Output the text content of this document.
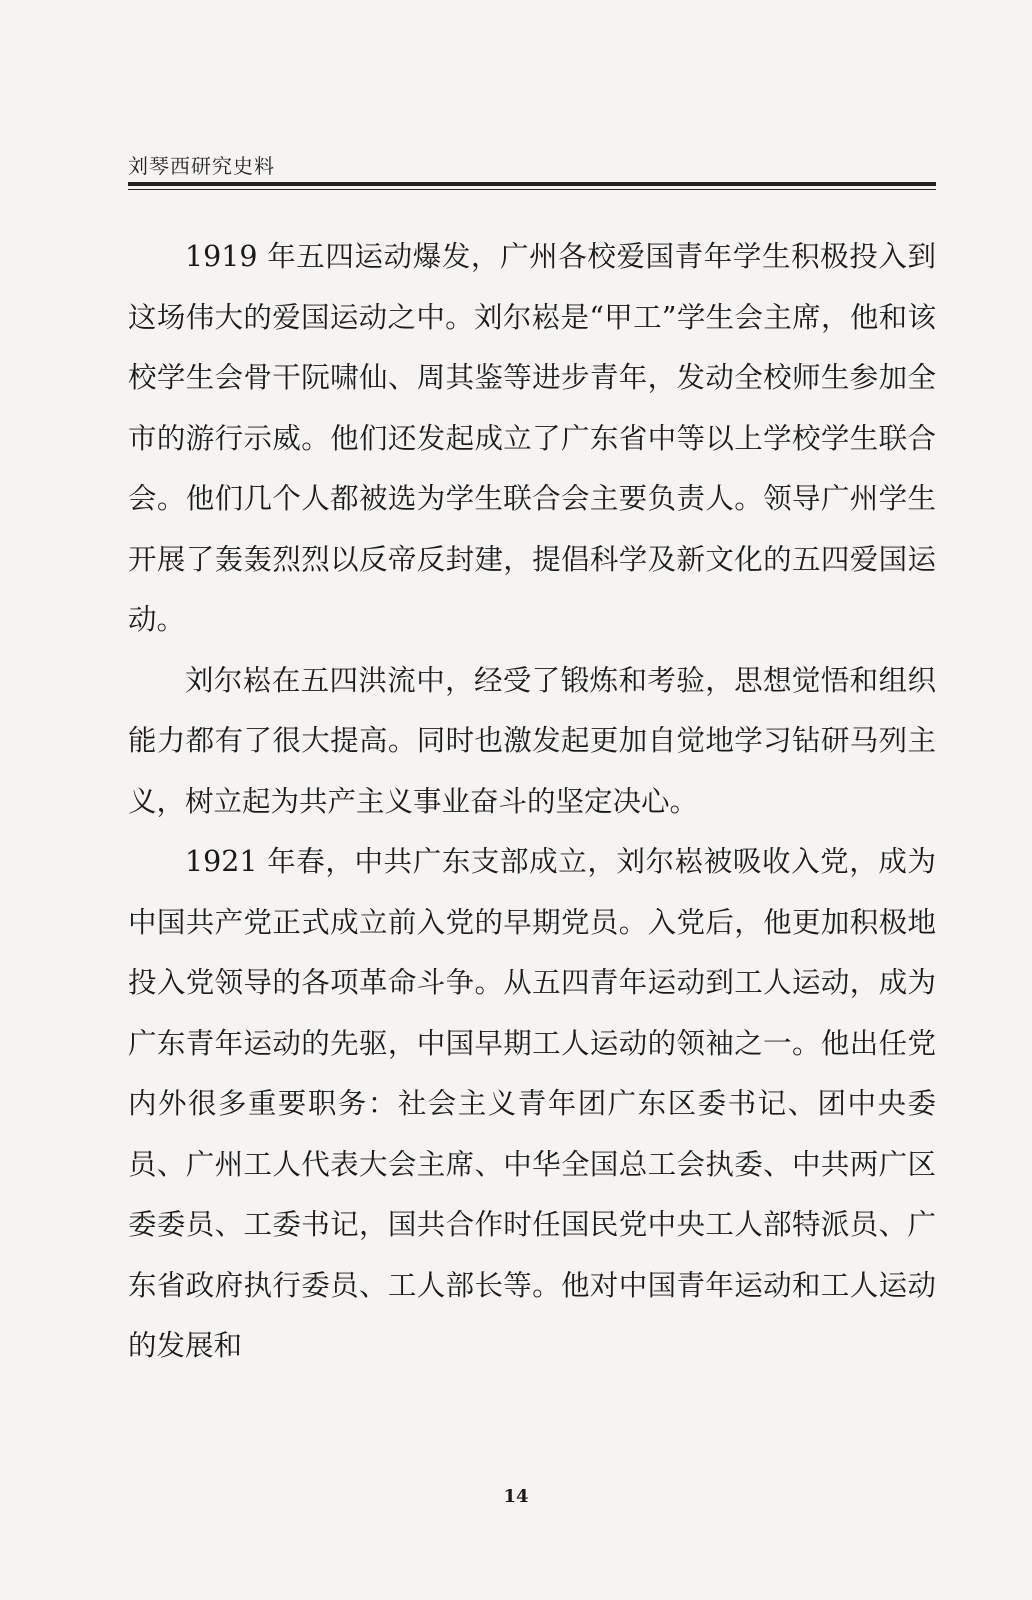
刘琴西研究史料

1919 年五四运动爆发，广州各校爱国青年学生积极投入到这场伟大的爱国运动之中。刘尔崧是“甲工”学生会主席，他和该校学生会骨干阮啸仙、周其鉴等进步青年，发动全校师生参加全市的游行示威。他们还发起成立了广东省中等以上学校学生联合会。他们几个人都被选为学生联合会主要负责人。领导广州学生开展了轰轰烈烈以反帝反封建，提倡科学及新文化的五四爱国运动。

刘尔崧在五四洪流中，经受了锻炼和考验，思想觉悟和组织能力都有了很大提高。同时也激发起更加自觉地学习钻研马列主义，树立起为共产主义事业奋斗的坚定决心。

1921 年春，中共广东支部成立，刘尔崧被吸收入党，成为中国共产党正式成立前入党的早期党员。入党后，他更加积极地投入党领导的各项革命斗争。从五四青年运动到工人运动，成为广东青年运动的先驱，中国早期工人运动的领袖之一。他出任党内外很多重要职务：社会主义青年团广东区委书记、团中央委员、广州工人代表大会主席、中华全国总工会执委、中共两广区委委员、工委书记，国共合作时任国民党中央工人部特派员、广东省政府执行委员、工人部长等。他对中国青年运动和工人运动的发展和

14
